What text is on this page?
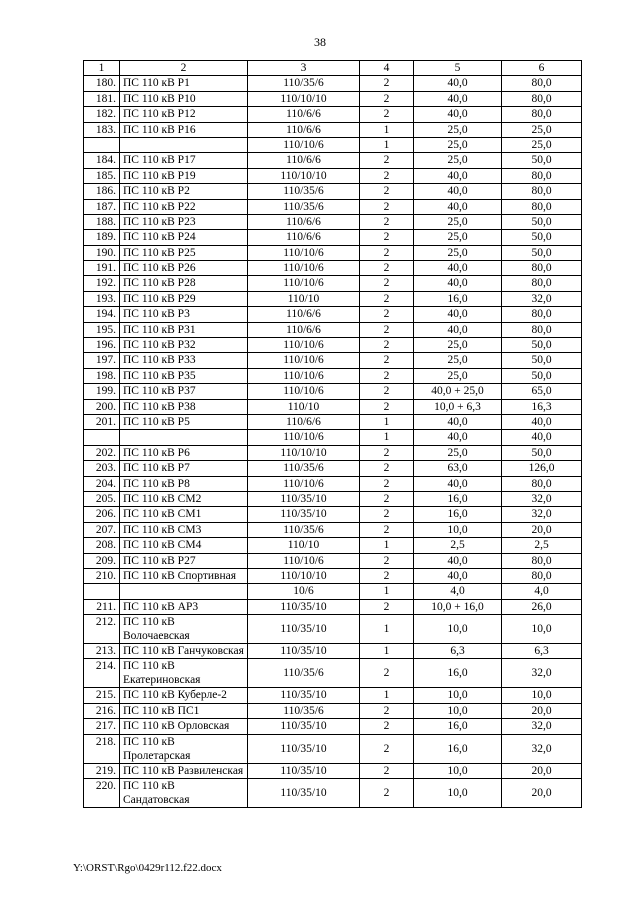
38
1	2	3	4	5	6
180.	ПС 110 кВ Р1	110/35/6	2	40,0	80,0
181.	ПС 110 кВ Р10	110/10/10	2	40,0	80,0
182.	ПС 110 кВ Р12	110/6/6	2	40,0	80,0
183.	ПС 110 кВ Р16	110/6/6	1	25,0	25,0
		110/10/6	1	25,0	25,0
184.	ПС 110 кВ Р17	110/6/6	2	25,0	50,0
185.	ПС 110 кВ Р19	110/10/10	2	40,0	80,0
186.	ПС 110 кВ Р2	110/35/6	2	40,0	80,0
187.	ПС 110 кВ Р22	110/35/6	2	40,0	80,0
188.	ПС 110 кВ Р23	110/6/6	2	25,0	50,0
189.	ПС 110 кВ Р24	110/6/6	2	25,0	50,0
190.	ПС 110 кВ Р25	110/10/6	2	25,0	50,0
191.	ПС 110 кВ Р26	110/10/6	2	40,0	80,0
192.	ПС 110 кВ Р28	110/10/6	2	40,0	80,0
193.	ПС 110 кВ Р29	110/10	2	16,0	32,0
194.	ПС 110 кВ Р3	110/6/6	2	40,0	80,0
195.	ПС 110 кВ Р31	110/6/6	2	40,0	80,0
196.	ПС 110 кВ Р32	110/10/6	2	25,0	50,0
197.	ПС 110 кВ Р33	110/10/6	2	25,0	50,0
198.	ПС 110 кВ Р35	110/10/6	2	25,0	50,0
199.	ПС 110 кВ Р37	110/10/6	2	40,0 + 25,0	65,0
200.	ПС 110 кВ Р38	110/10	2	10,0 + 6,3	16,3
201.	ПС 110 кВ Р5	110/6/6	1	40,0	40,0
		110/10/6	1	40,0	40,0
202.	ПС 110 кВ Р6	110/10/10	2	25,0	50,0
203.	ПС 110 кВ Р7	110/35/6	2	63,0	126,0
204.	ПС 110 кВ Р8	110/10/6	2	40,0	80,0
205.	ПС 110 кВ СМ2	110/35/10	2	16,0	32,0
206.	ПС 110 кВ СМ1	110/35/10	2	16,0	32,0
207.	ПС 110 кВ СМ3	110/35/6	2	10,0	20,0
208.	ПС 110 кВ СМ4	110/10	1	2,5	2,5
209.	ПС 110 кВ Р27	110/10/6	2	40,0	80,0
210.	ПС 110 кВ Спортивная	110/10/10	2	40,0	80,0
		10/6	1	4,0	4,0
211.	ПС 110 кВ АР3	110/35/10	2	10,0 + 16,0	26,0
212.	ПС 110 кВ Волочаевская	110/35/10	1	10,0	10,0
213.	ПС 110 кВ Ганчуковская	110/35/10	1	6,3	6,3
214.	ПС 110 кВ Екатериновская	110/35/6	2	16,0	32,0
215.	ПС 110 кВ Куберле-2	110/35/10	1	10,0	10,0
216.	ПС 110 кВ ПС1	110/35/6	2	10,0	20,0
217.	ПС 110 кВ Орловская	110/35/10	2	16,0	32,0
218.	ПС 110 кВ Пролетарская	110/35/10	2	16,0	32,0
219.	ПС 110 кВ Развиленская	110/35/10	2	10,0	20,0
220.	ПС 110 кВ Сандатовская	110/35/10	2	10,0	20,0
Y:\ORST\Rgo\0429r112.f22.docx
